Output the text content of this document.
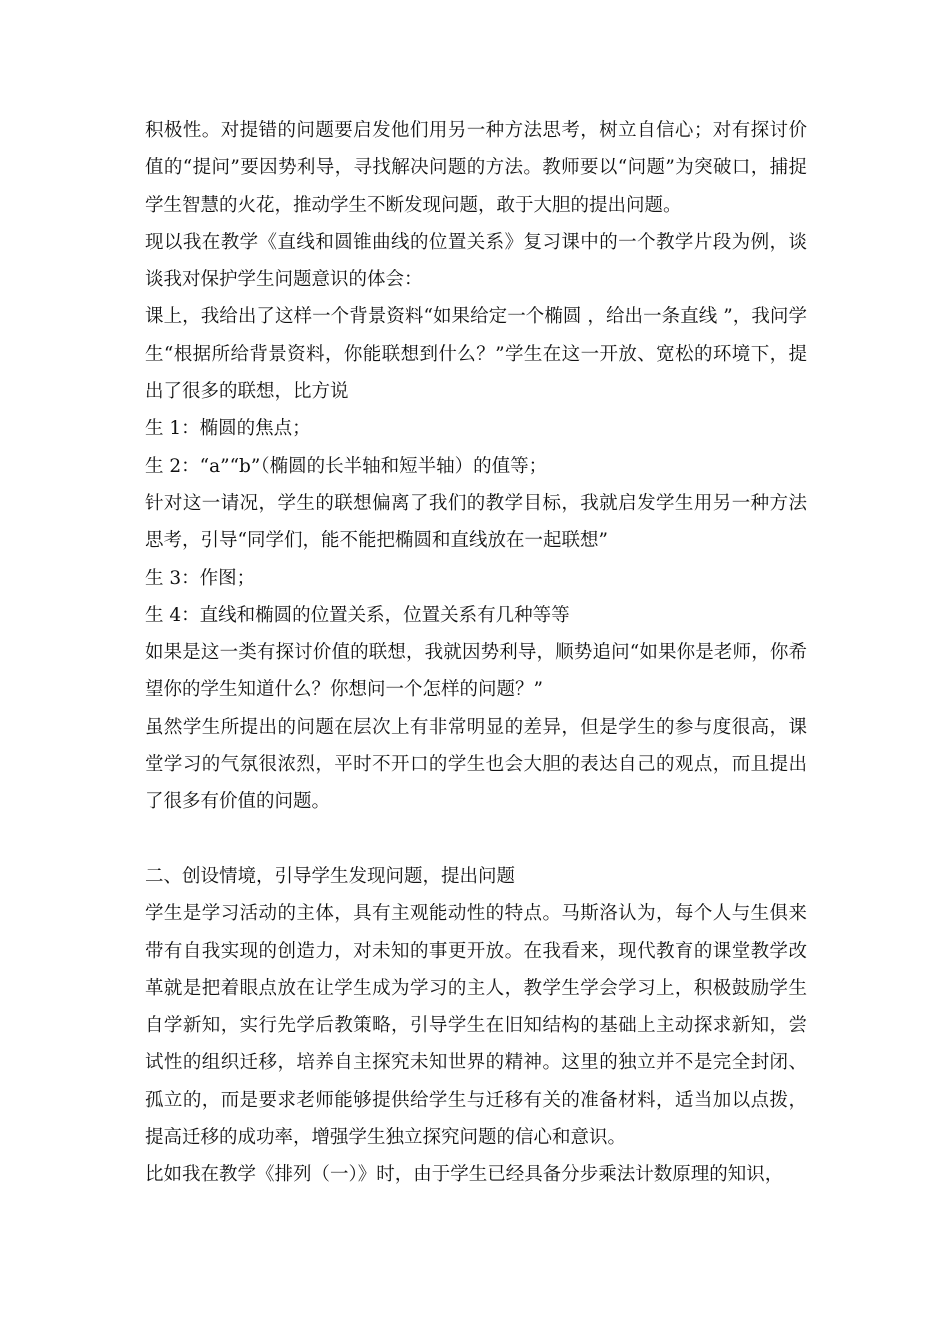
积极性。对提错的问题要启发他们用另一种方法思考，树立自信心；对有探讨价值的“提问”要因势利导，寻找解决问题的方法。教师要以“问题”为突破口，捕捉学生智慧的火花，推动学生不断发现问题，敢于大胆的提出问题。

现以我在教学《直线和圆锥曲线的位置关系》复习课中的一个教学片段为例，谈谈我对保护学生问题意识的体会：

课上，我给出了这样一个背景资料“如果给定一个椭圆 ，给出一条直线 ”，我问学生“根据所给背景资料，你能联想到什么？”学生在这一开放、宽松的环境下，提出了很多的联想，比方说

生 1：椭圆的焦点；

生 2：“a”“b”（椭圆的长半轴和短半轴）的值等；

针对这一请况，学生的联想偏离了我们的教学目标，我就启发学生用另一种方法思考，引导“同学们，能不能把椭圆和直线放在一起联想”

生 3：作图；

生 4：直线和椭圆的位置关系，位置关系有几种等等

如果是这一类有探讨价值的联想，我就因势利导，顺势追问“如果你是老师，你希望你的学生知道什么？你想问一个怎样的问题？”

虽然学生所提出的问题在层次上有非常明显的差异，但是学生的参与度很高，课堂学习的气氛很浓烈，平时不开口的学生也会大胆的表达自己的观点，而且提出了很多有价值的问题。

二、创设情境，引导学生发现问题，提出问题

学生是学习活动的主体，具有主观能动性的特点。马斯洛认为，每个人与生俱来带有自我实现的创造力，对未知的事更开放。在我看来，现代教育的课堂教学改革就是把着眼点放在让学生成为学习的主人，教学生学会学习上，积极鼓励学生自学新知，实行先学后教策略，引导学生在旧知结构的基础上主动探求新知，尝试性的组织迁移，培养自主探究未知世界的精神。这里的独立并不是完全封闭、孤立的，而是要求老师能够提供给学生与迁移有关的准备材料，适当加以点拨，提高迁移的成功率，增强学生独立探究问题的信心和意识。

比如我在教学《排列（一）》时，由于学生已经具备分步乘法计数原理的知识，
